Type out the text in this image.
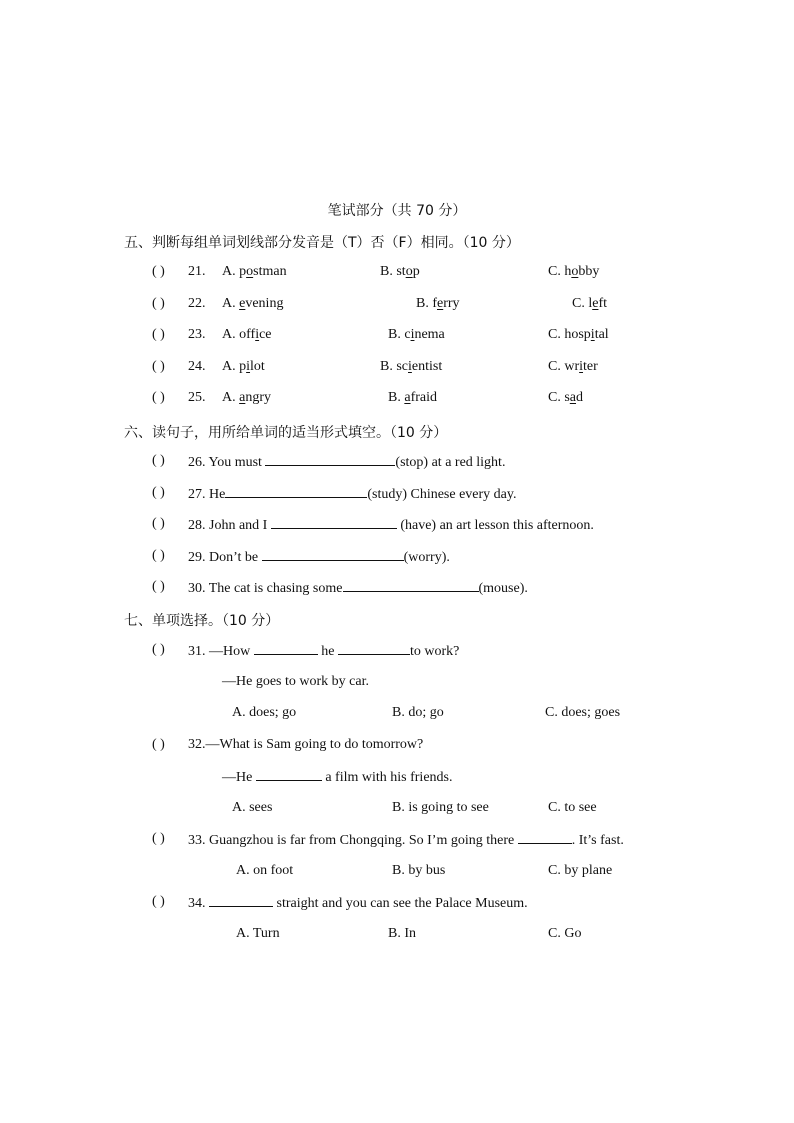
笔试部分（共 70 分）
五、判断每组单词划线部分发音是（T）否（F）相同。（10 分）
( ) 21. A. postman	B. stop	C. hobby
( ) 22. A. evening	B. ferry	C. left
( ) 23. A. office	B. cinema	C. hospital
( ) 24. A. pilot	B. scientist	C. writer
( ) 25. A. angry	B. afraid	C. sad
六、读句子，用所给单词的适当形式填空。（10 分）
( ) 26. You must	(stop) at a red light.
( ) 27. He	(study) Chinese every day.
( ) 28. John and I	(have) an art lesson this afternoon.
( ) 29. Don’t be	(worry).
( ) 30. The cat is chasing some	(mouse).
七、单项选择。（10 分）
( ) 31. —How	he	to work?
—He goes to work by car.
A. does; go	B. do; go	C. does; goes
( ) 32.—What is Sam going to do tomorrow?
—He	a film with his friends.
A. sees	B. is going to see	C. to see
( ) 33. Guangzhou is far from Chongqing. So I’m going there	. It’s fast.
A. on foot	B. by bus	C. by plane
( ) 34.	straight and you can see the Palace Museum.
A. Turn	B. In	C. Go
